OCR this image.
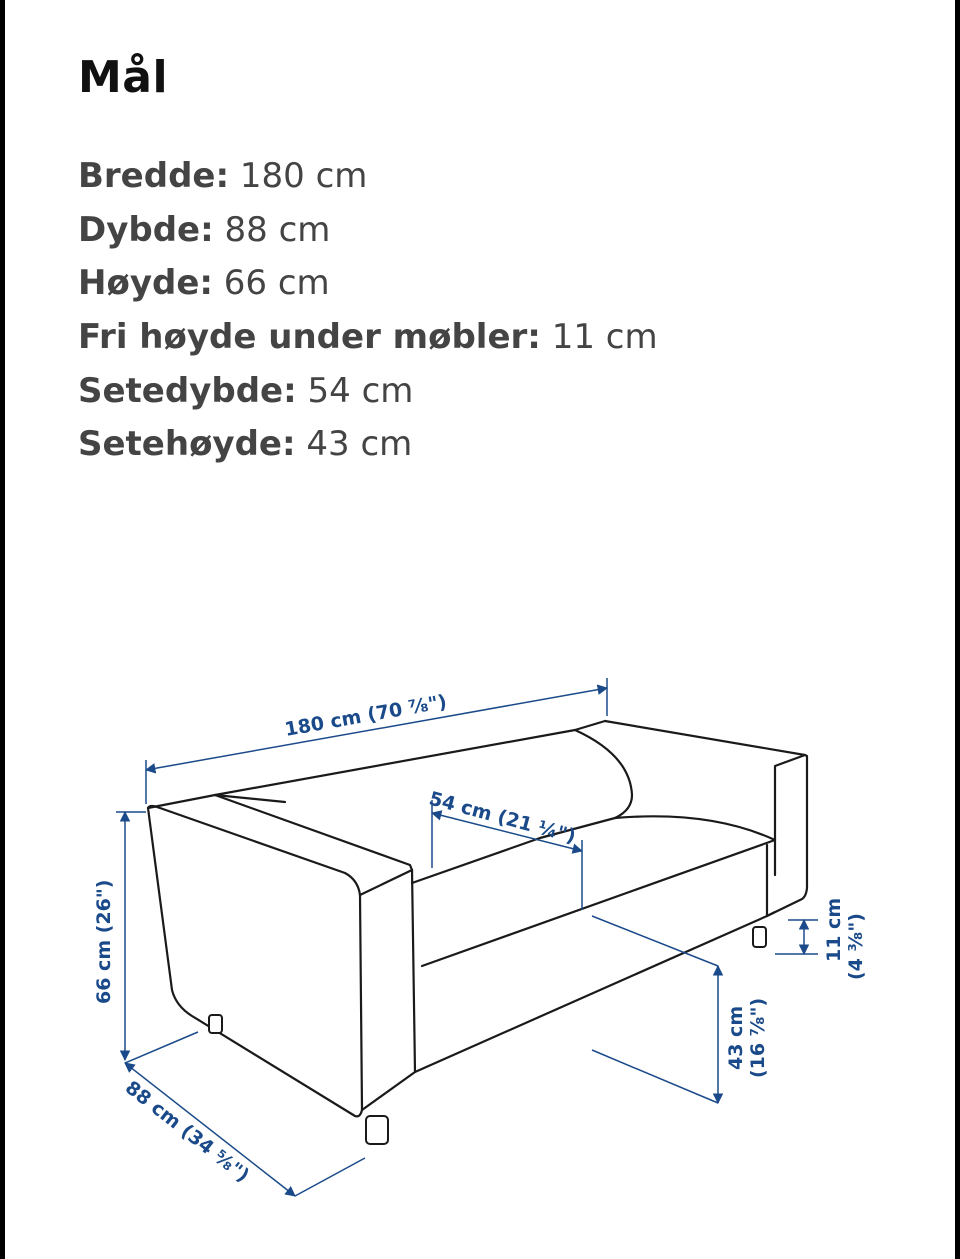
Mål
Bredde: 180 cm
Dybde: 88 cm
Høyde: 66 cm
Fri høyde under møbler: 11 cm
Setedybde: 54 cm
Setehøyde: 43 cm
180 cm (70 ⁷⁄₈")
54 cm (21 ¼")
66 cm (26")
88 cm (34 ⁵⁄₈")
43 cm (16 ⁷⁄₈")
11 cm (4 ³⁄₈")
